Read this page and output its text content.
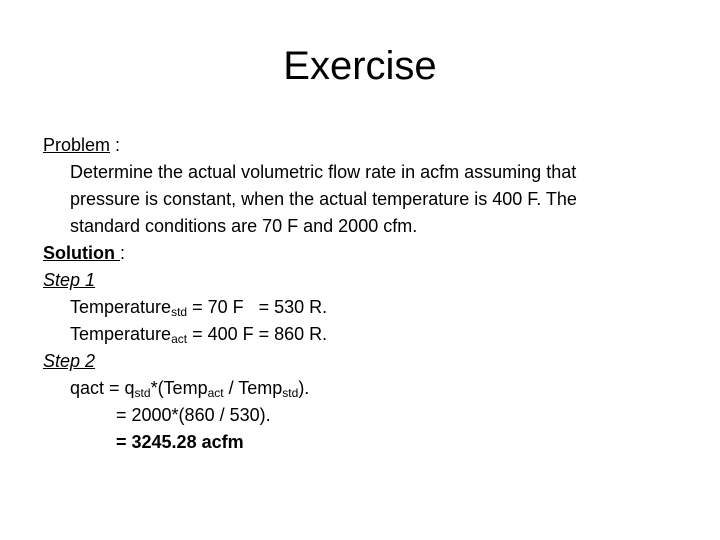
Exercise
Problem :
Determine the actual volumetric flow rate in acfm assuming that
pressure is constant, when the actual temperature is 400 F. The
standard conditions are 70 F and 2000 cfm.
Solution :
Step 1
Temperature$_{std}$ = 70 F   = 530 R.
Temperature$_{act}$ = 400 F = 860 R.
Step 2
qact = $q_{std}*(Temp_{act}$ / Temp$_{std}$).
= 2000*(860 / 530).
= 3245.28 acfm
